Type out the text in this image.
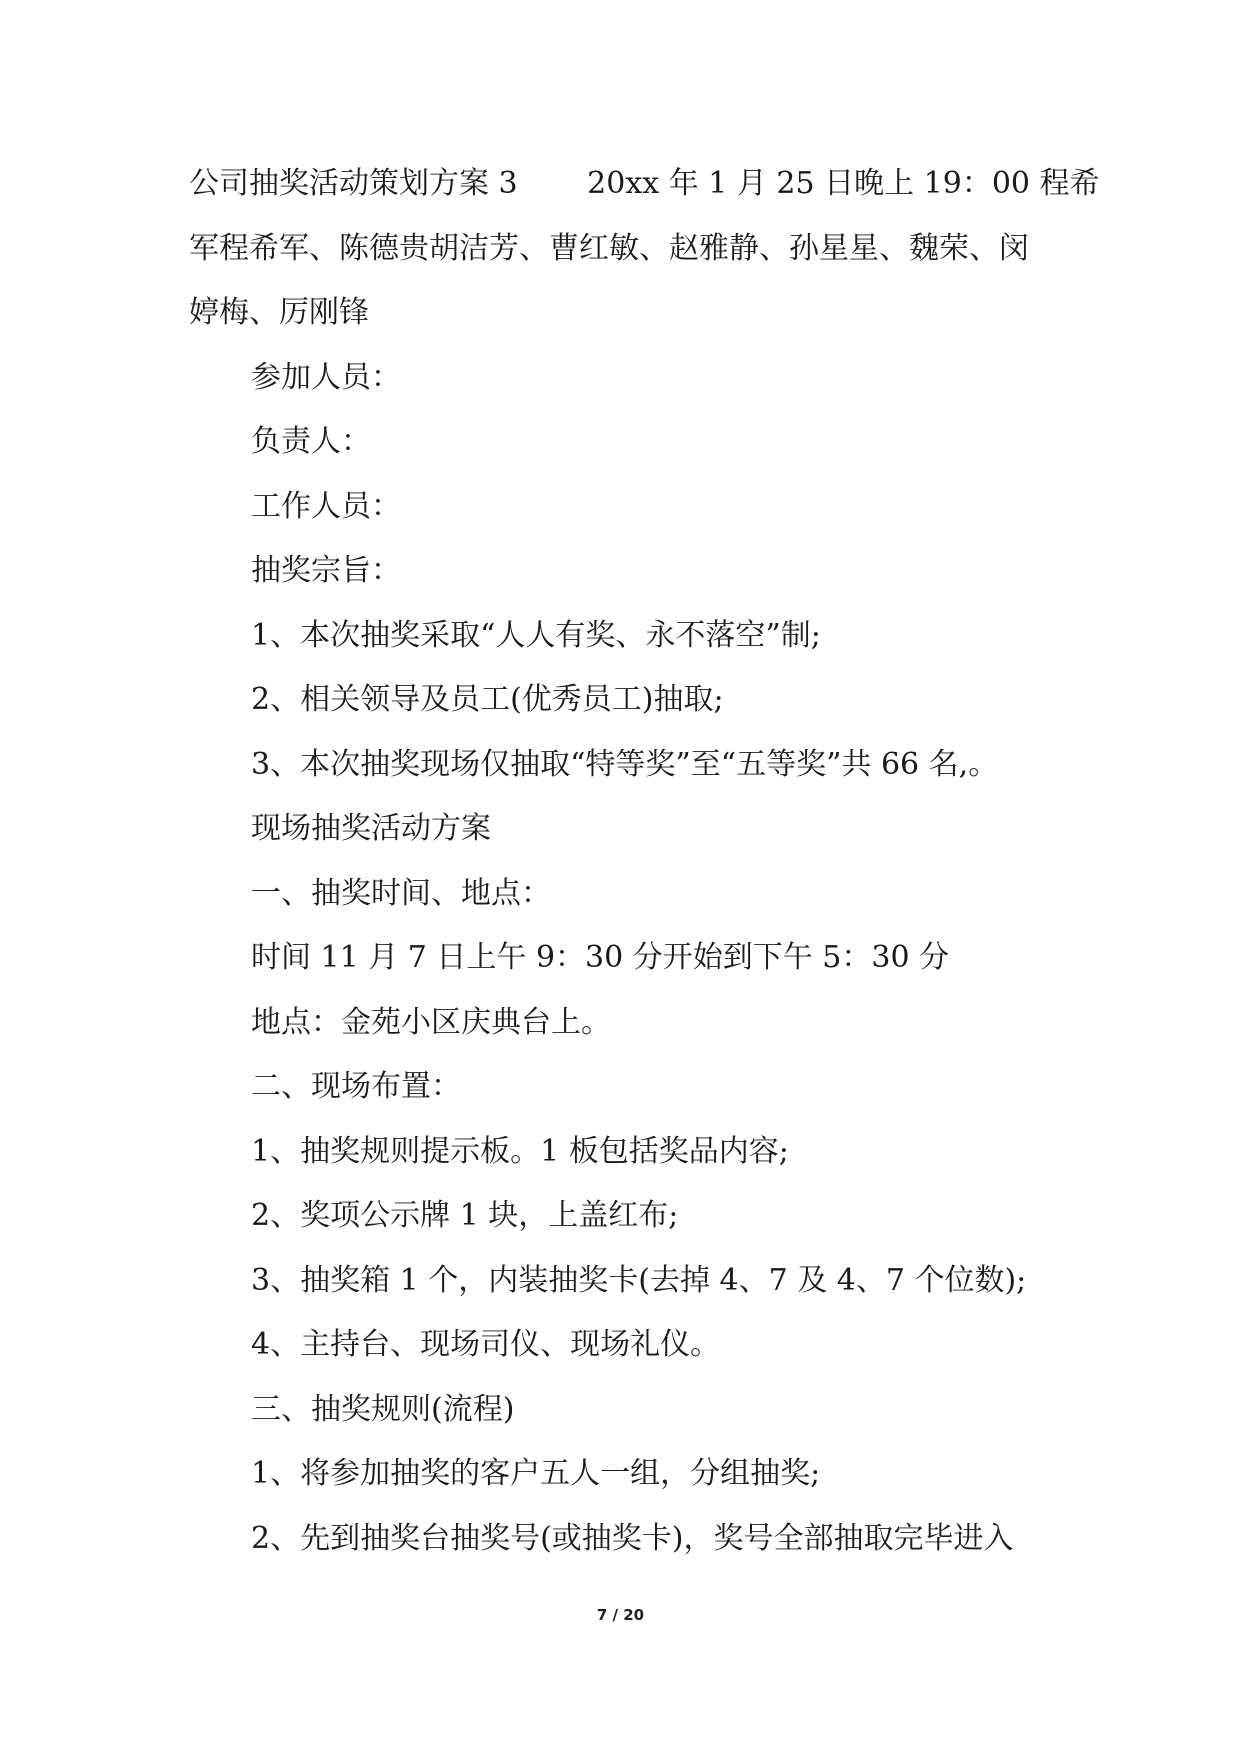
公司抽奖活动策划方案 3　　 20xx 年 1 月 25 日晚上 19：00 程希
军程希军、陈德贵胡洁芳、曹红敏、赵雅静、孙星星、魏荣、闵
婷梅、厉刚锋
参加人员：
负责人：
工作人员：
抽奖宗旨：
1、本次抽奖采取“人人有奖、永不落空”制;
2、相关领导及员工(优秀员工)抽取;
3、本次抽奖现场仅抽取“特等奖”至“五等奖”共 66 名,。
现场抽奖活动方案
一、抽奖时间、地点：
时间 11 月 7 日上午 9：30 分开始到下午 5：30 分
地点：金苑小区庆典台上。
二、现场布置：
1、抽奖规则提示板。1 板包括奖品内容;
2、奖项公示牌 1 块，上盖红布;
3、抽奖箱 1 个，内装抽奖卡(去掉 4、7 及 4、7 个位数);
4、主持台、现场司仪、现场礼仪。
三、抽奖规则(流程)
1、将参加抽奖的客户五人一组，分组抽奖;
2、先到抽奖台抽奖号(或抽奖卡)，奖号全部抽取完毕进入
7 / 20
